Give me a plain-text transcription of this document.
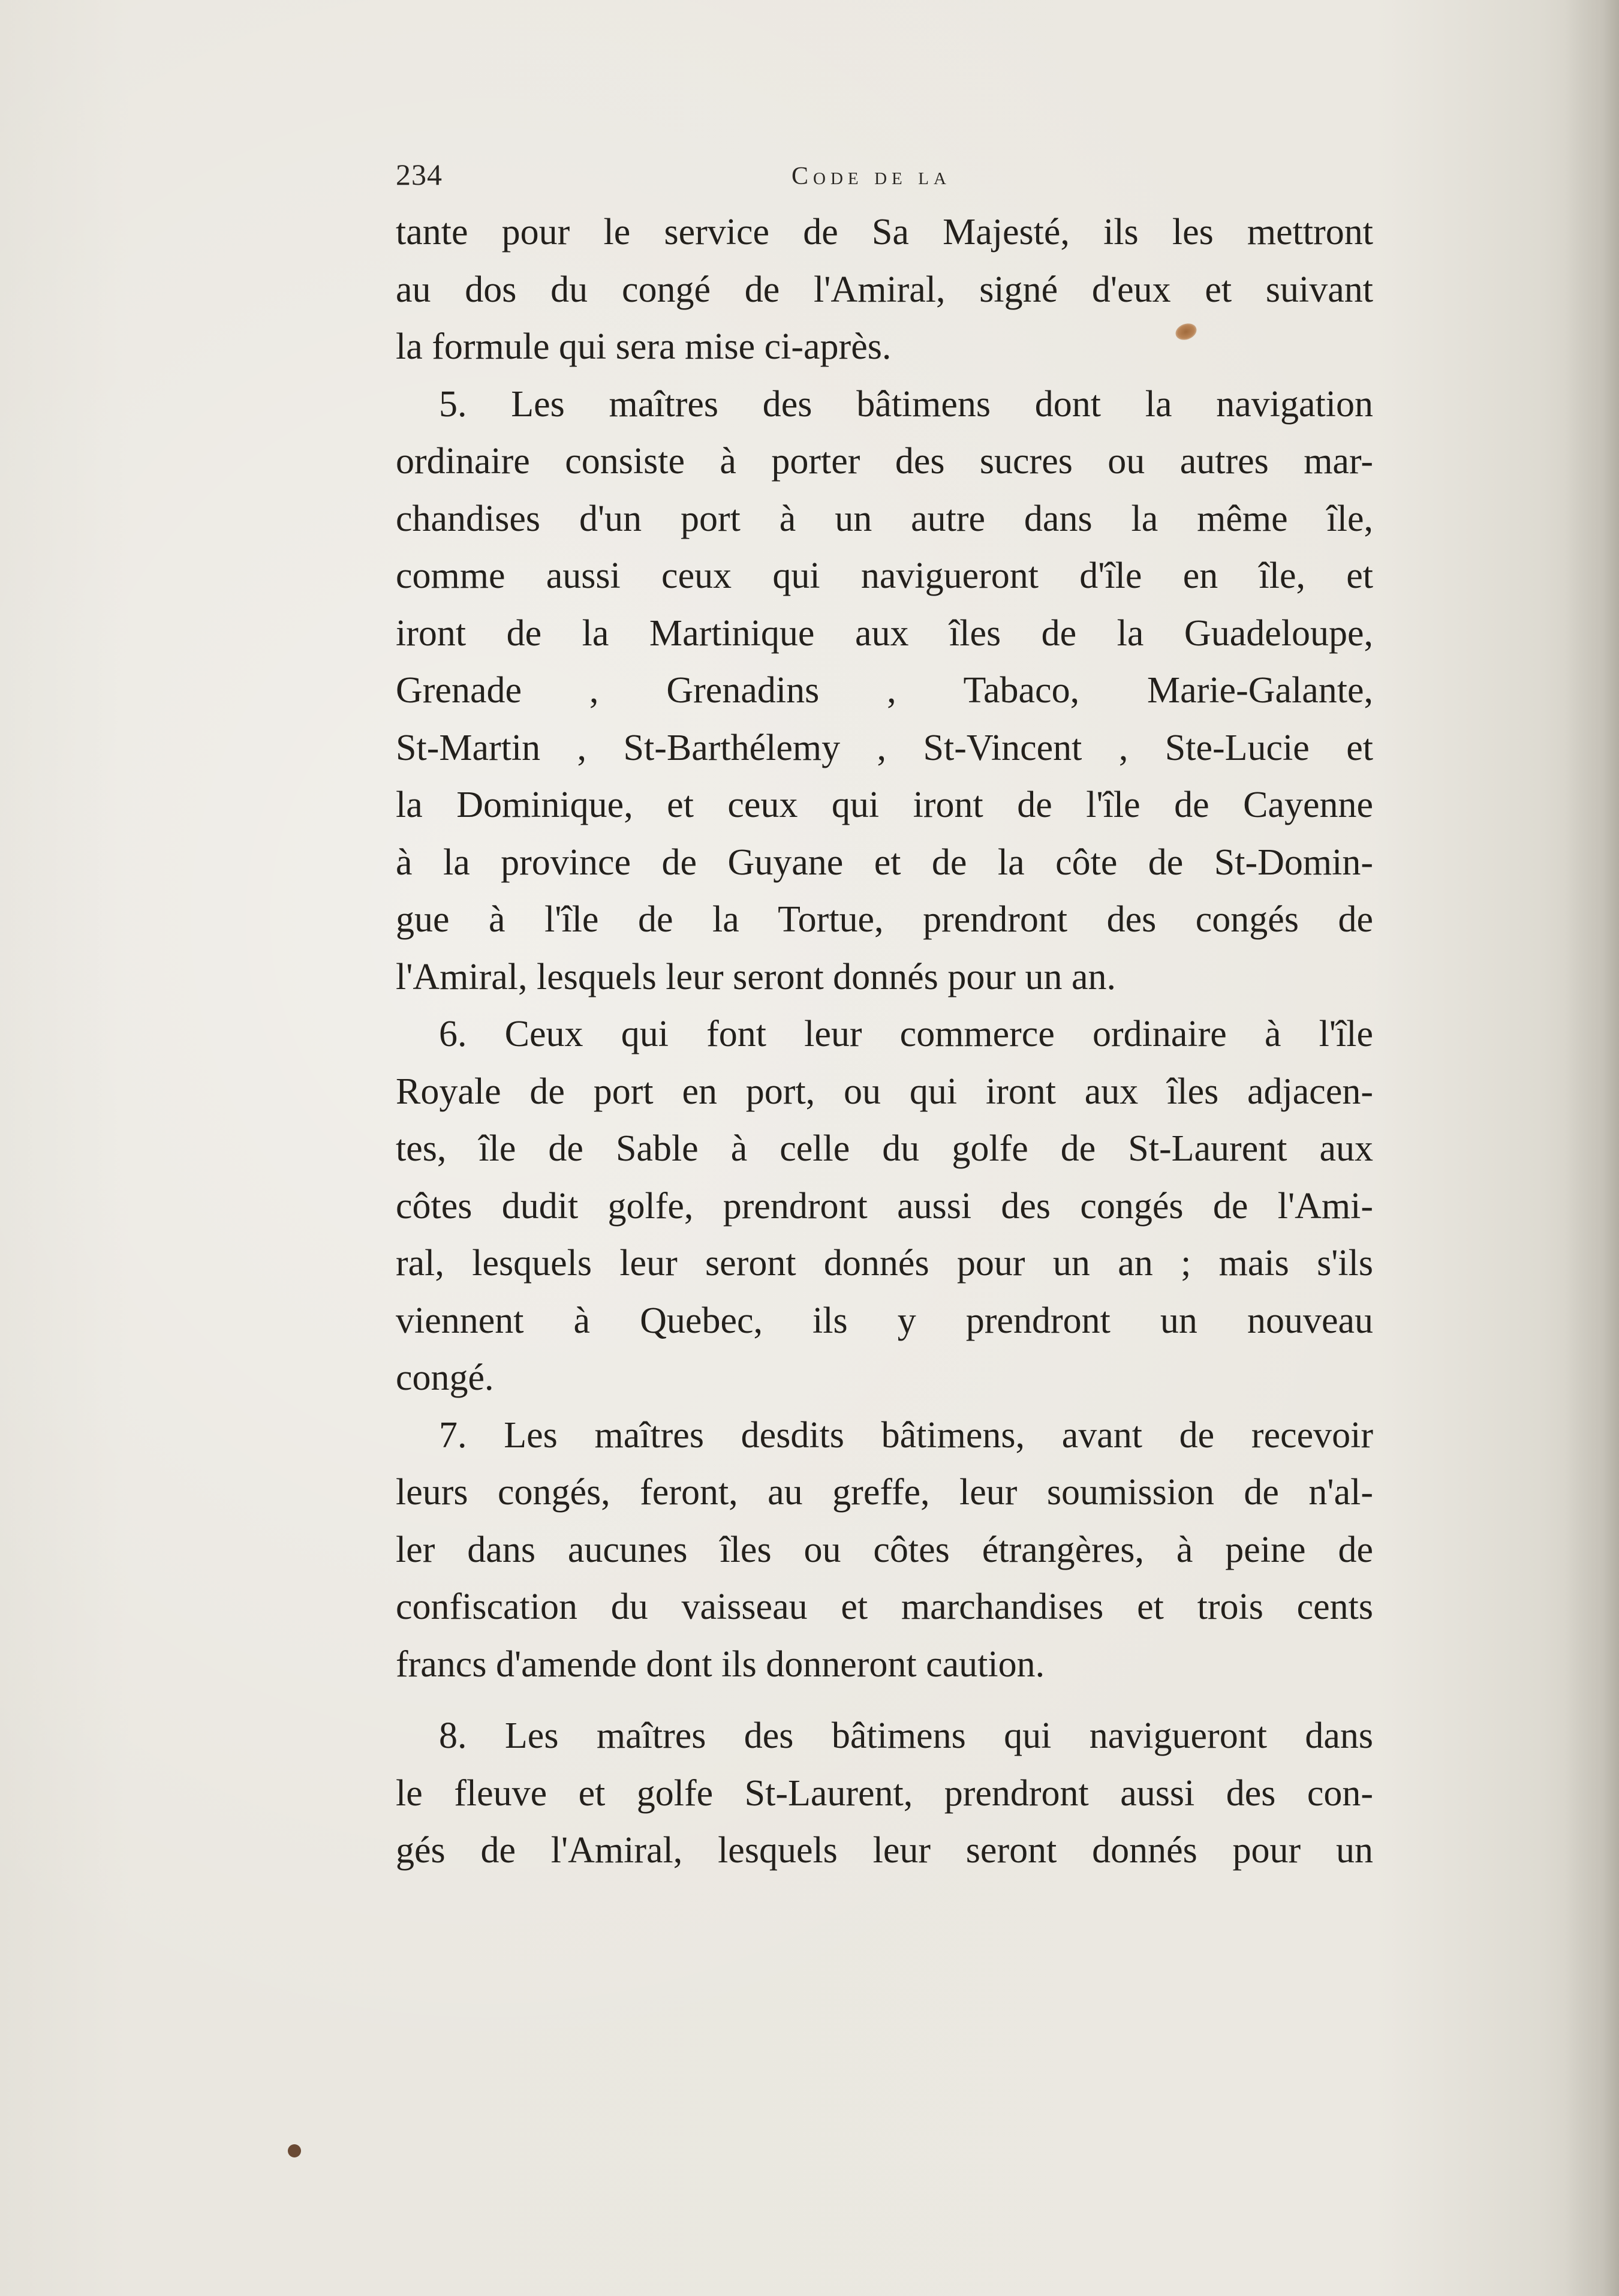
234	Code de la
tante pour le service de Sa Majesté, ils les mettront
au dos du congé de l'Amiral, signé d'eux et suivant
la formule qui sera mise ci-après.
5. Les maîtres des bâtimens dont la navigation
ordinaire consiste à porter des sucres ou autres mar-
chandises d'un port à un autre dans la même île,
comme aussi ceux qui navigueront d'île en île, et
iront de la Martinique aux îles de la Guadeloupe,
Grenade , Grenadins , Tabaco, Marie-Galante,
St-Martin , St-Barthélemy , St-Vincent , Ste-Lucie et
la Dominique, et ceux qui iront de l'île de Cayenne
à la province de Guyane et de la côte de St-Domin-
gue à l'île de la Tortue, prendront des congés de
l'Amiral, lesquels leur seront donnés pour un an.
6. Ceux qui font leur commerce ordinaire à l'île
Royale de port en port, ou qui iront aux îles adjacen-
tes, île de Sable à celle du golfe de St-Laurent aux
côtes dudit golfe, prendront aussi des congés de l'Ami-
ral, lesquels leur seront donnés pour un an ; mais s'ils
viennent à Quebec, ils y prendront un nouveau
congé.
7. Les maîtres desdits bâtimens, avant de recevoir
leurs congés, feront, au greffe, leur soumission de n'al-
ler dans aucunes îles ou côtes étrangères, à peine de
confiscation du vaisseau et marchandises et trois cents
francs d'amende dont ils donneront caution.
8. Les maîtres des bâtimens qui navigueront dans
le fleuve et golfe St-Laurent, prendront aussi des con-
gés de l'Amiral, lesquels leur seront donnés pour un
